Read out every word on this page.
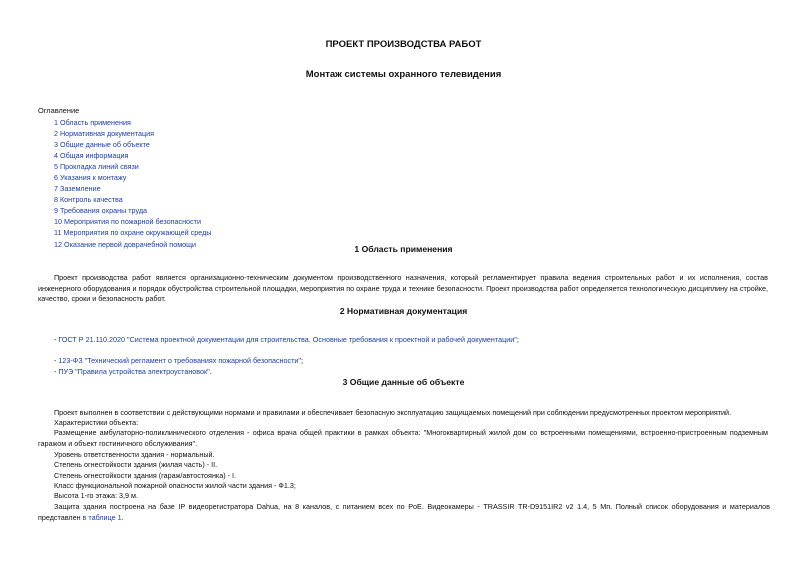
ПРОЕКТ ПРОИЗВОДСТВА РАБОТ
Монтаж системы охранного телевидения
Оглавление
1 Область применения
2 Нормативная документация
3 Общие данные об объекте
4 Общая информация
5 Прокладка линий связи
6 Указания к монтажу
7 Заземление
8 Контроль качества
9 Требования охраны труда
10 Мероприятия по пожарной безопасности
11 Мероприятия по охране окружающей среды
12 Оказание первой доврачебной помощи	1 Область применения
Проект производства работ является организационно-техническим документом производственного назначения, который регламентирует правила ведения строительных работ и их исполнения, состав инженерного оборудования и порядок обустройства строительной площадки, мероприятия по охране труда и технике безопасности. Проект производства работ определяется технологическую дисциплину на стройке, качество, сроки и безопасность работ.
2 Нормативная документация
- ГОСТ Р 21.110.2020 "Система проектной документации для строительства. Основные требования к проектной и рабочей документации";
- 123-ФЗ "Технический регламент о требованиях пожарной безопасности";
- ПУЭ "Правила устройства электроустановок".
3 Общие данные об объекте
Проект выполнен в соответствии с действующими нормами и правилами и обеспечивает безопасную эксплуатацию защищаемых помещений при соблюдении предусмотренных проектом мероприятий.
Характеристики объекта:
Размещение амбулаторно-поликлинического отделения - офиса врача общей практики в рамках объекта: "Многоквартирный жилой дом со встроенными помещениями, встроенно-пристроенным подземным гаражом и объект гостиничного обслуживания".
Уровень ответственности здания - нормальный.
Степень огнестойкости здания (жилая часть) - II.
Степень огнестойкости здания (гараж/автостоянка) - I.
Класс функциональной пожарной опасности жилой части здания - Ф1.3;
Высота 1-го этажа: 3,9 м.
Защита здания построена на базе IP видеорегистратора Dahua, на 8 каналов, с питанием всех по PoE. Видеокамеры - TRASSIR TR-D9151IR2 v2 1.4, 5 Мп. Полный список оборудования и материалов представлен в таблице 1.
